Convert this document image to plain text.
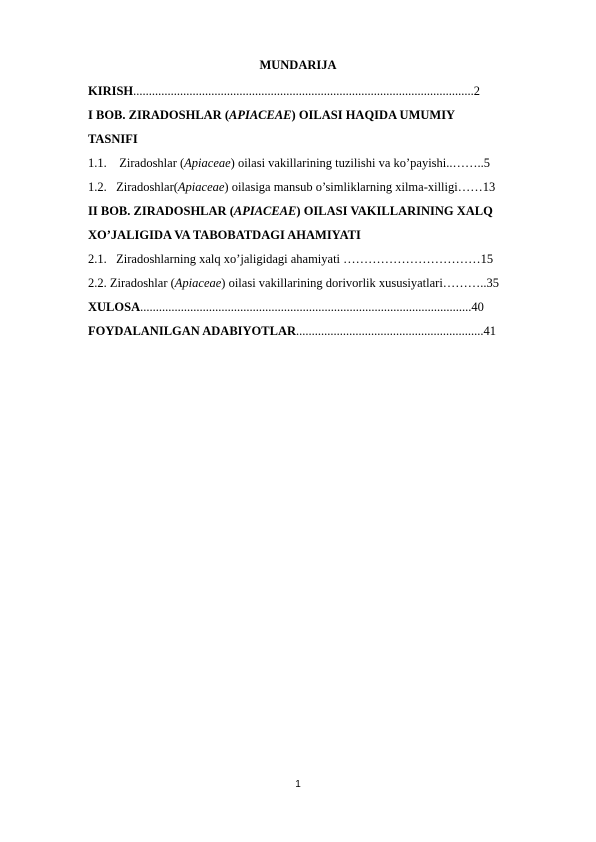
MUNDARIJA
KIRISH.............................................................................................................2
I BOB. ZIRADOSHLAR (APIACEAE) OILASI HAQIDA UMUMIY
TASNIFI
1.1. Ziradoshlar (Apiaceae) oilasi vakillarining tuzilishi va ko’payishi..……..5
1.2. Ziradoshlar(Apiaceae) oilasiga mansub o’simliklarning xilma-xilligi……13
II BOB. ZIRADOSHLAR (APIACEAE) OILASI VAKILLARINING XALQ
XO’JALIGIDA VA TABOBATDAGI AHAMIYATI
2.1. Ziradoshlarning xalq xo’jaligidagi ahamiyati ……………………………15
2.2. Ziradoshlar (Apiaceae) oilasi vakillarining dorivorlik xususiyatlari………..35
XULOSA..........................................................................................................40
FOYDALANILGAN ADABIYOTLAR............................................................41
1
